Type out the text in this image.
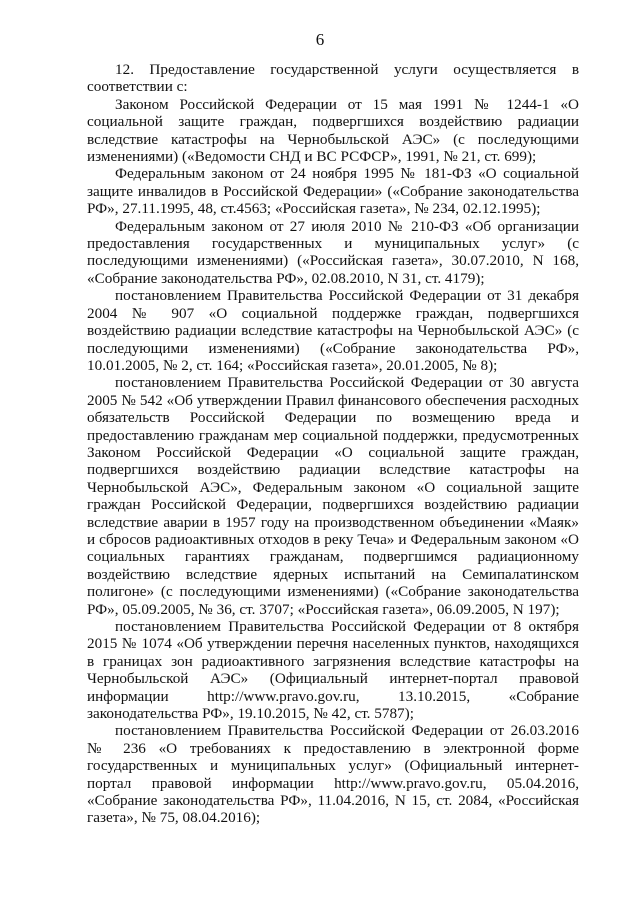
6

12. Предоставление государственной услуги осуществляется в соответствии с:

Законом Российской Федерации от 15 мая 1991 № 1244-1 «О социальной защите граждан, подвергшихся воздействию радиации вследствие катастрофы на Чернобыльской АЭС» (с последующими изменениями) («Ведомости СНД и ВС РСФСР», 1991, № 21, ст. 699);

Федеральным законом от 24 ноября 1995 № 181-ФЗ «О социальной защите инвалидов в Российской Федерации» («Собрание законодательства РФ», 27.11.1995, 48, ст.4563; «Российская газета», № 234, 02.12.1995);

Федеральным законом от 27 июля 2010 № 210-ФЗ «Об организации предоставления государственных и муниципальных услуг» (с последующими изменениями) («Российская газета», 30.07.2010, N 168, «Собрание законодательства РФ», 02.08.2010, N 31, ст. 4179);

постановлением Правительства Российской Федерации от 31 декабря 2004 № 907 «О социальной поддержке граждан, подвергшихся воздействию радиации вследствие катастрофы на Чернобыльской АЭС» (с последующими изменениями) («Собрание законодательства РФ», 10.01.2005, № 2, ст. 164; «Российская газета», 20.01.2005, № 8);

постановлением Правительства Российской Федерации от 30 августа 2005 № 542 «Об утверждении Правил финансового обеспечения расходных обязательств Российской Федерации по возмещению вреда и предоставлению гражданам мер социальной поддержки, предусмотренных Законом Российской Федерации «О социальной защите граждан, подвергшихся воздействию радиации вследствие катастрофы на Чернобыльской АЭС», Федеральным законом «О социальной защите граждан Российской Федерации, подвергшихся воздействию радиации вследствие аварии в 1957 году на производственном объединении «Маяк» и сбросов радиоактивных отходов в реку Теча» и Федеральным законом «О социальных гарантиях гражданам, подвергшимся радиационному воздействию вследствие ядерных испытаний на Семипалатинском полигоне» (с последующими изменениями) («Собрание законодательства РФ», 05.09.2005, № 36, ст. 3707; «Российская газета», 06.09.2005, N 197);

постановлением Правительства Российской Федерации от 8 октября 2015 № 1074 «Об утверждении перечня населенных пунктов, находящихся в границах зон радиоактивного загрязнения вследствие катастрофы на Чернобыльской АЭС» (Официальный интернет-портал правовой информации http://www.pravo.gov.ru, 13.10.2015, «Собрание законодательства РФ», 19.10.2015, № 42, ст. 5787);

постановлением Правительства Российской Федерации от 26.03.2016 № 236 «О требованиях к предоставлению в электронной форме государственных и муниципальных услуг» (Официальный интернет-портал правовой информации http://www.pravo.gov.ru, 05.04.2016, «Собрание законодательства РФ», 11.04.2016, N 15, ст. 2084, «Российская газета», № 75, 08.04.2016);
